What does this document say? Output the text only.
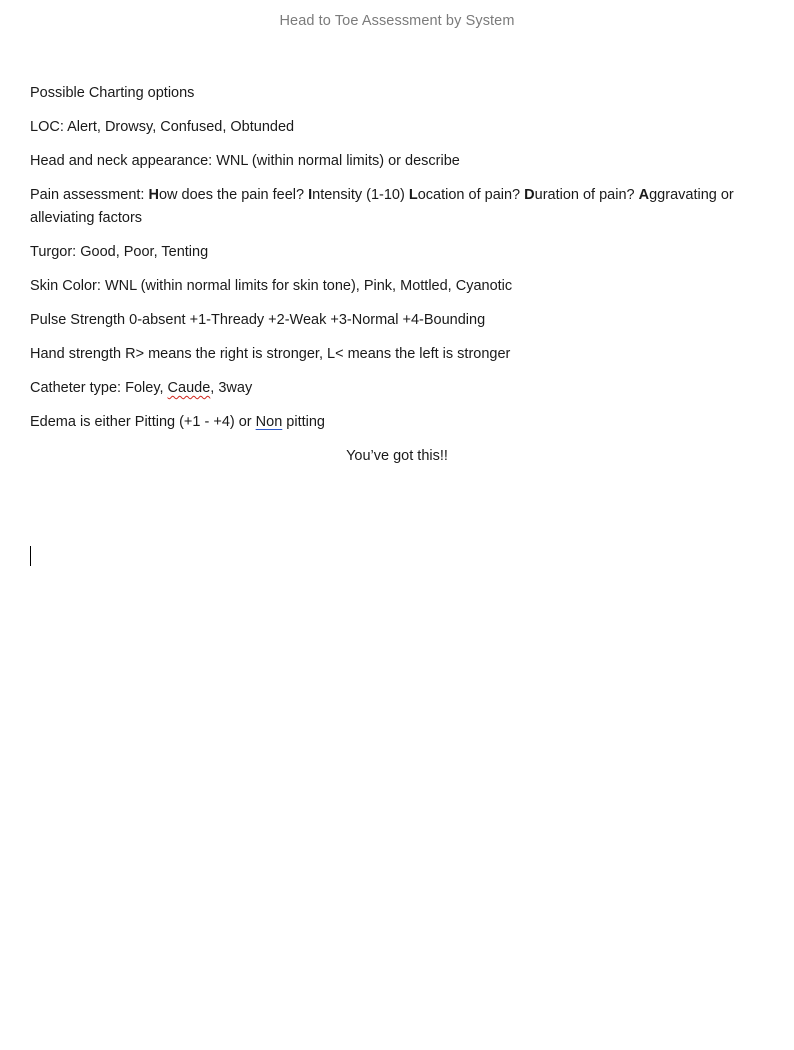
Head to Toe Assessment by System

Possible Charting options

LOC: Alert, Drowsy, Confused, Obtunded

Head and neck appearance: WNL (within normal limits) or describe

Pain assessment: How does the pain feel? Intensity (1-10) Location of pain? Duration of pain? Aggravating or alleviating factors

Turgor: Good, Poor, Tenting

Skin Color: WNL (within normal limits for skin tone), Pink, Mottled, Cyanotic

Pulse Strength 0-absent +1-Thready +2-Weak +3-Normal +4-Bounding

Hand strength R> means the right is stronger, L< means the left is stronger

Catheter type: Foley, Caude, 3way

Edema is either Pitting (+1 - +4) or Non pitting

You’ve got this!!
